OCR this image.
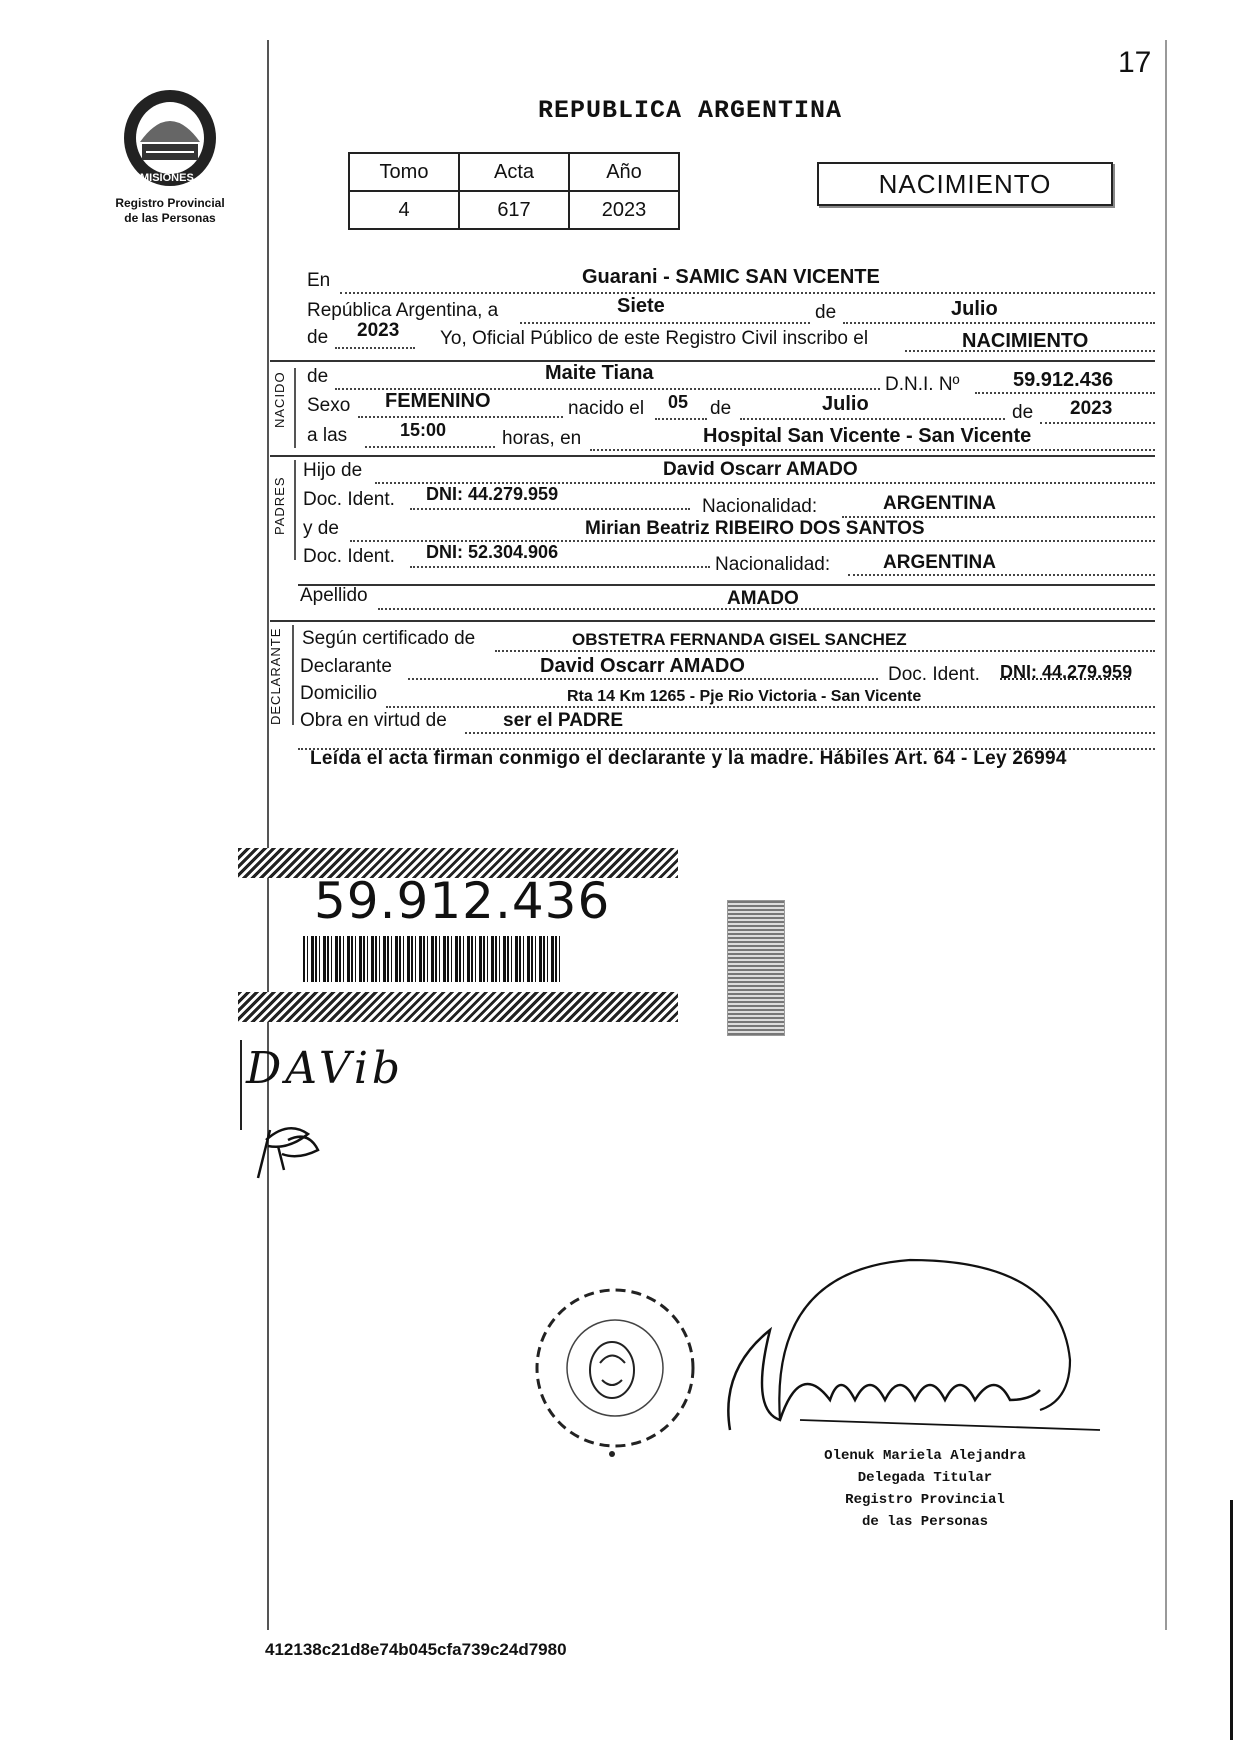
17
PROVINCIA DE
MISIONES
Registro Provincial
de las Personas
REPUBLICA ARGENTINA
Tomo	Acta	Año
4	617	2023
NACIMIENTO
En	Guarani - SAMIC SAN VICENTE
República Argentina, a	Siete	de	Julio
de 2023 Yo, Oficial Público de este Registro Civil inscribo el	NACIMIENTO
NACIDO de	Maite Tiana
D.N.I. Nº	59.912.436
Sexo FEMENINO	nacido el 05 de	Julio	de 2023
a las	15:00	horas, en	Hospital San Vicente - San Vicente
PADRES
Hijo de	David Oscarr AMADO
Doc. Ident. DNI: 44.279.959
Nacionalidad:	ARGENTINA
y de	Mirian Beatriz RIBEIRO DOS SANTOS
Doc. Ident. DNI: 52.304.906
Nacionalidad:	ARGENTINA
Apellido	AMADO
DECLARANTE Según certificado de	OBSTETRA FERNANDA GISEL SANCHEZ
Declarante	David Oscarr AMADO	Doc. Ident. DNI: 44.279.959
Domicilio	Rta 14 Km 1265 - Pje Rio Victoria - San Vicente
Obra en virtud de	ser el PADRE
Leída el acta firman conmigo el declarante y la madre. Hábiles Art. 64 - Ley 26994
59.912.436
DAVib
Olenuk Mariela Alejandra
Delegada Titular
Registro Provincial
de las Personas
412138c21d8e74b045cfa739c24d7980
